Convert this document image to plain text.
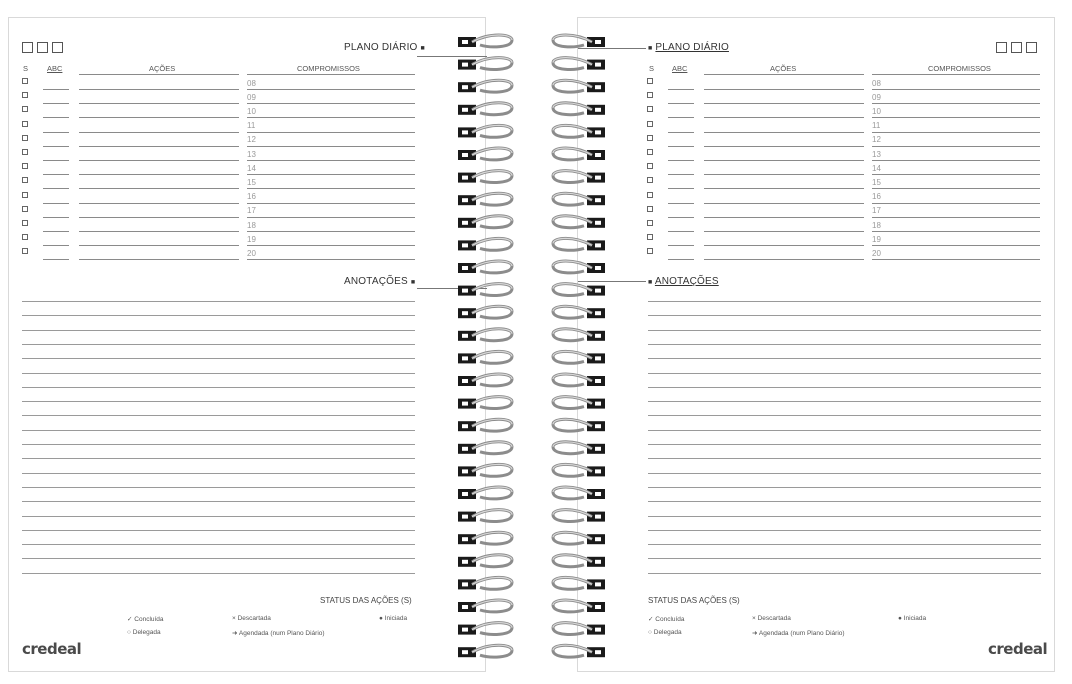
PLANO DIÁRIO ■
S	ABC	AÇÕES	COMPROMISSOS
08
09
10
11
12
13
14
15
16
17
18
19
20
ANOTAÇÕES ■
STATUS DAS AÇÕES (S)
✓ Concluída	× Descartada	● Iniciada
○ Delegada	➜ Agendada (num Plano Diário)
credeal
■ PLANO DIÁRIO
S ABC	AÇÕES	COMPROMISSOS
08
09
10
11
12
13
14
15
16
17
18
19
20
■ ANOTAÇÕES
STATUS DAS AÇÕES (S)
✓ Concluída	× Descartada	● Iniciada
○ Delegada	➜ Agendada (num Plano Diário)
credeal
